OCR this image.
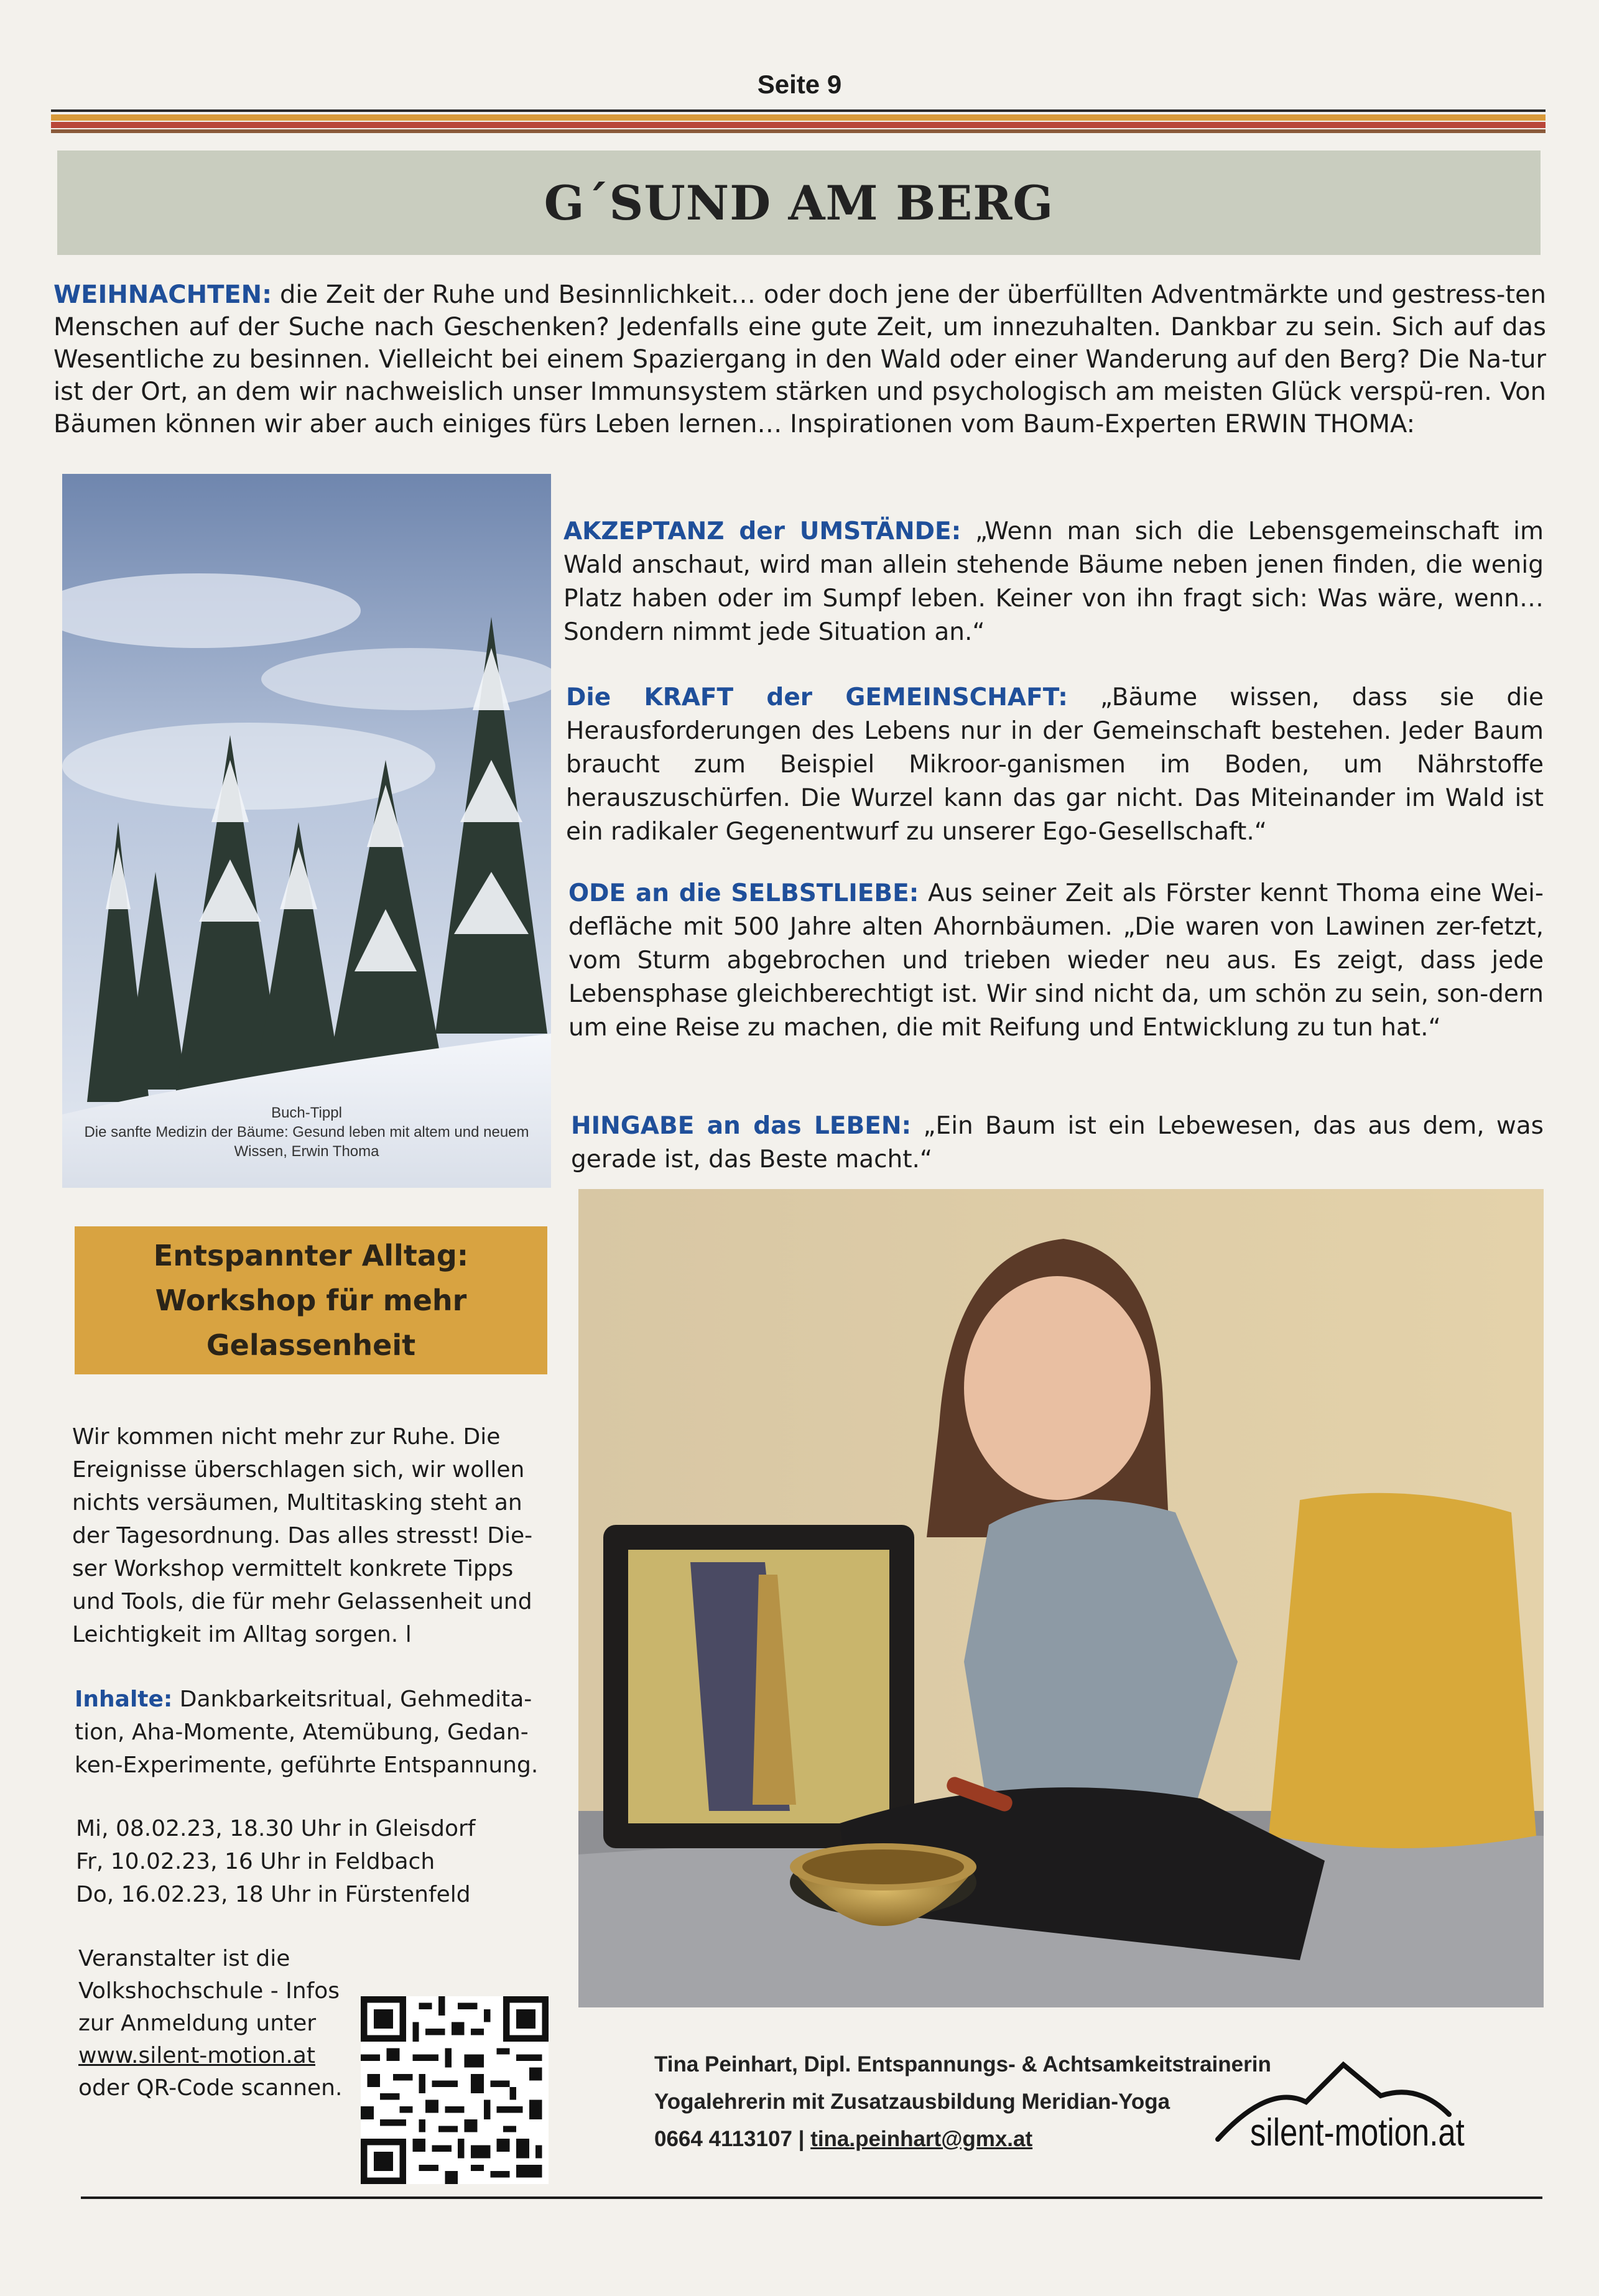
Seite 9
G´SUND AM BERG
WEIHNACHTEN: die Zeit der Ruhe und Besinnlichkeit… oder doch jene der überfüllten Adventmärkte und gestress-ten Menschen auf der Suche nach Geschenken? Jedenfalls eine gute Zeit, um innezuhalten. Dankbar zu sein. Sich auf das Wesentliche zu besinnen. Vielleicht bei einem Spaziergang in den Wald oder einer Wanderung auf den Berg? Die Na-tur ist der Ort, an dem wir nachweislich unser Immunsystem stärken und psychologisch am meisten Glück verspü-ren. Von Bäumen können wir aber auch einiges fürs Leben lernen… Inspirationen vom Baum-Experten ERWIN THOMA:
Buch-Tippl
Die sanfte Medizin der Bäume: Gesund leben mit altem und neuem Wissen, Erwin Thoma
AKZEPTANZ der UMSTÄNDE: „Wenn man sich die Lebensgemeinschaft im Wald anschaut, wird man allein stehende Bäume neben jenen finden, die wenig Platz haben oder im Sumpf leben. Keiner von ihn fragt sich: Was wäre, wenn… Sondern nimmt jede Situation an.“
Die KRAFT der GEMEINSCHAFT: „Bäume wissen, dass sie die Herausforderungen des Lebens nur in der Gemeinschaft bestehen. Jeder Baum braucht zum Beispiel Mikroor-ganismen im Boden, um Nährstoffe herauszuschürfen. Die Wurzel kann das gar nicht. Das Miteinander im Wald ist ein radikaler Gegenentwurf zu unserer Ego-Gesellschaft.“
ODE an die SELBSTLIEBE: Aus seiner Zeit als Förster kennt Thoma eine Wei-defläche mit 500 Jahre alten Ahornbäumen. „Die waren von Lawinen zer-fetzt, vom Sturm abgebrochen und trieben wieder neu aus. Es zeigt, dass jede Lebensphase gleichberechtigt ist. Wir sind nicht da, um schön zu sein, son-dern um eine Reise zu machen, die mit Reifung und Entwicklung zu tun hat.“
HINGABE an das LEBEN: „Ein Baum ist ein Lebewesen, das aus dem, was gerade ist, das Beste macht.“
Entspannter Alltag: Workshop für mehr Gelassenheit
Wir kommen nicht mehr zur Ruhe. Die Ereignisse überschlagen sich, wir wollen nichts versäumen, Multitasking steht an der Tagesordnung. Das alles stresst! Die-ser Workshop vermittelt konkrete Tipps und Tools, die für mehr Gelassenheit und Leichtigkeit im Alltag sorgen. l
Inhalte: Dankbarkeitsritual, Gehmedita-tion, Aha-Momente, Atemübung, Gedan-ken-Experimente, geführte Entspannung.
Mi, 08.02.23, 18.30 Uhr in Gleisdorf
Fr, 10.02.23, 16 Uhr in Feldbach
Do, 16.02.23, 18 Uhr in Fürstenfeld
Veranstalter ist die Volkshochschule - Infos
zur Anmeldung unter
www.silent-motion.at
oder QR-Code scannen.
Tina Peinhart, Dipl. Entspannungs- & Achtsamkeitstrainerin
Yogalehrerin mit Zusatzausbildung Meridian-Yoga
0664 4113107 | tina.peinhart@gmx.at	silent-motion.at
